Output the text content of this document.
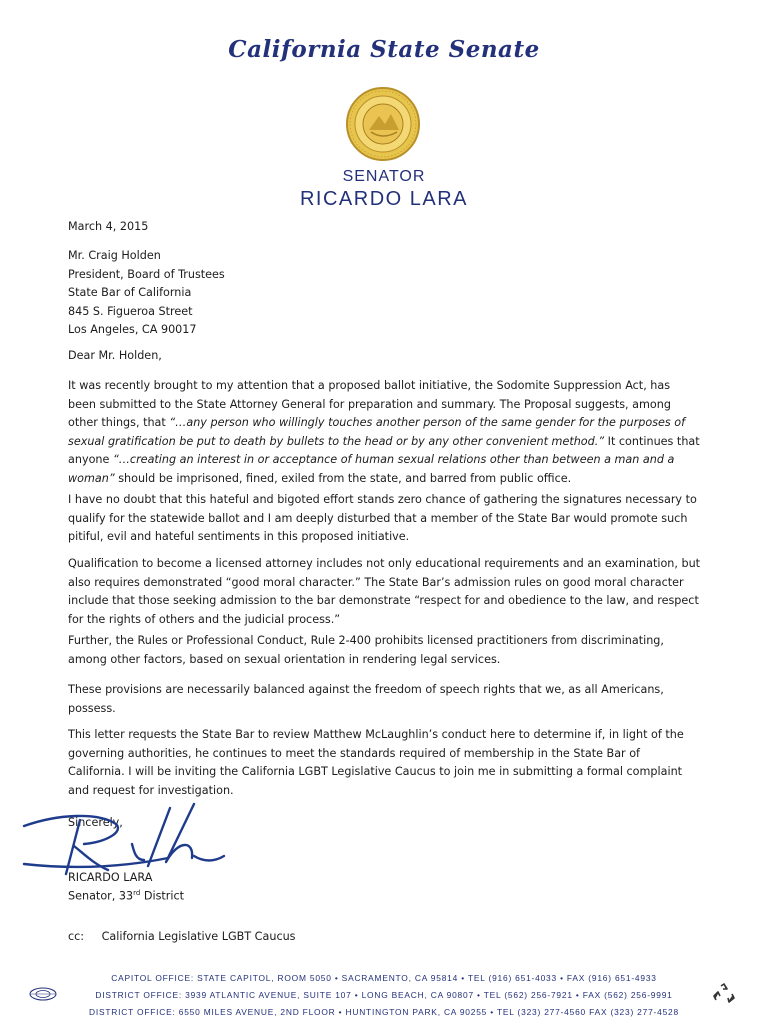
California State Senate
SENATOR
RICARDO LARA
March 4, 2015
Mr. Craig Holden
President, Board of Trustees
State Bar of California
845 S. Figueroa Street
Los Angeles, CA 90017
Dear Mr. Holden,
It was recently brought to my attention that a proposed ballot initiative, the Sodomite Suppression Act, has
been submitted to the State Attorney General for preparation and summary. The Proposal suggests, among
other things, that “…any person who willingly touches another person of the same gender for the purposes of
sexual gratification be put to death by bullets to the head or by any other convenient method.” It continues that
anyone “…creating an interest in or acceptance of human sexual relations other than between a man and a
woman” should be imprisoned, fined, exiled from the state, and barred from public office.
I have no doubt that this hateful and bigoted effort stands zero chance of gathering the signatures necessary to
qualify for the statewide ballot and I am deeply disturbed that a member of the State Bar would promote such
pitiful, evil and hateful sentiments in this proposed initiative.
Qualification to become a licensed attorney includes not only educational requirements and an examination, but
also requires demonstrated “good moral character.” The State Bar’s admission rules on good moral character
include that those seeking admission to the bar demonstrate “respect for and obedience to the law, and respect
for the rights of others and the judicial process.”
Further, the Rules or Professional Conduct, Rule 2-400 prohibits licensed practitioners from discriminating,
among other factors, based on sexual orientation in rendering legal services.
These provisions are necessarily balanced against the freedom of speech rights that we, as all Americans,
possess.
This letter requests the State Bar to review Matthew McLaughlin’s conduct here to determine if, in light of the
governing authorities, he continues to meet the standards required of membership in the State Bar of
California. I will be inviting the California LGBT Legislative Caucus to join me in submitting a formal complaint
and request for investigation.
Sincerely,
RICARDO LARA
Senator, 33rd District
cc: California Legislative LGBT Caucus
CAPITOL OFFICE: STATE CAPITOL, ROOM 5050 • SACRAMENTO, CA 95814 • TEL (916) 651-4033 • FAX (916) 651-4933
DISTRICT OFFICE: 3939 ATLANTIC AVENUE, SUITE 107 • LONG BEACH, CA 90807 • TEL (562) 256-7921 • FAX (562) 256-9991
DISTRICT OFFICE: 6550 MILES AVENUE, 2ND FLOOR • HUNTINGTON PARK, CA 90255 • TEL (323) 277-4560 FAX (323) 277-4528
